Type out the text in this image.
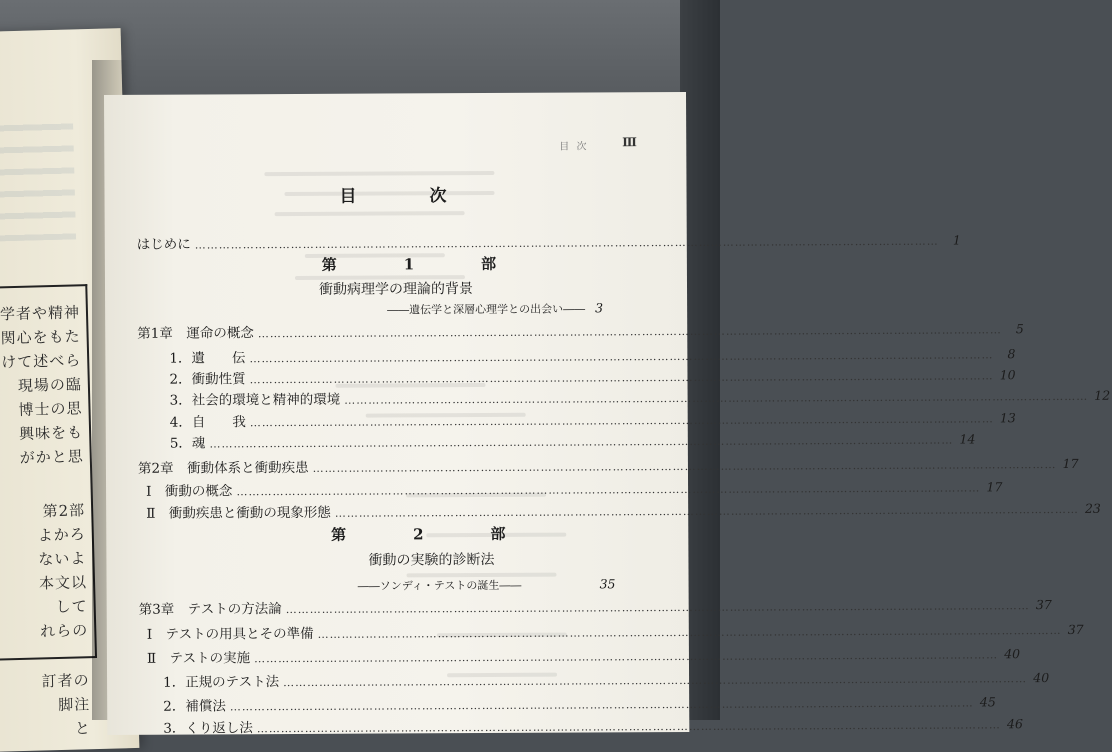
学者や精神
関心をもた
けて述べら
現場の臨
博士の思
興味をも
がかと思
第2部
よかろ
ないよ
本文以
して
れらの
訂者の
脚注
と
目 次	Ⅲ
目　次
はじめに ……………………………………………………………………………………………………………………………………………………………………	1
第　1　部
衝動病理学の理論的背景
――遺伝学と深層心理学との出会い―― 3
第1章　運命の概念 ……………………………………………………………………………………………………………………………………………………………………	5
1．遺　　伝 ……………………………………………………………………………………………………………………………………………………………………	8
2．衝動性質 …………………………………………………………………………………………………………………………………………………………………… 10
3．社会的環境と精神的環境 …………………………………………………………………………………………………………………………………………………………………… 12
4．自　　我 …………………………………………………………………………………………………………………………………………………………………… 13
5．魂 …………………………………………………………………………………………………………………………………………………………………… 14
第2章　衝動体系と衝動疾患 …………………………………………………………………………………………………………………………………………………………………… 17
Ⅰ　衝動の概念 …………………………………………………………………………………………………………………………………………………………………… 17
Ⅱ　衝動疾患と衝動の現象形態 …………………………………………………………………………………………………………………………………………………………………… 23
第　2　部
衝動の実験的診断法
――ソンディ・テストの誕生――	35
第3章　テストの方法論 …………………………………………………………………………………………………………………………………………………………………… 37
Ⅰ　テストの用具とその準備 …………………………………………………………………………………………………………………………………………………………………… 37
Ⅱ　テストの実施 …………………………………………………………………………………………………………………………………………………………………… 40
1．正規のテスト法 …………………………………………………………………………………………………………………………………………………………………… 40
2．補償法 …………………………………………………………………………………………………………………………………………………………………… 45
3．くり返し法 …………………………………………………………………………………………………………………………………………………………………… 46
